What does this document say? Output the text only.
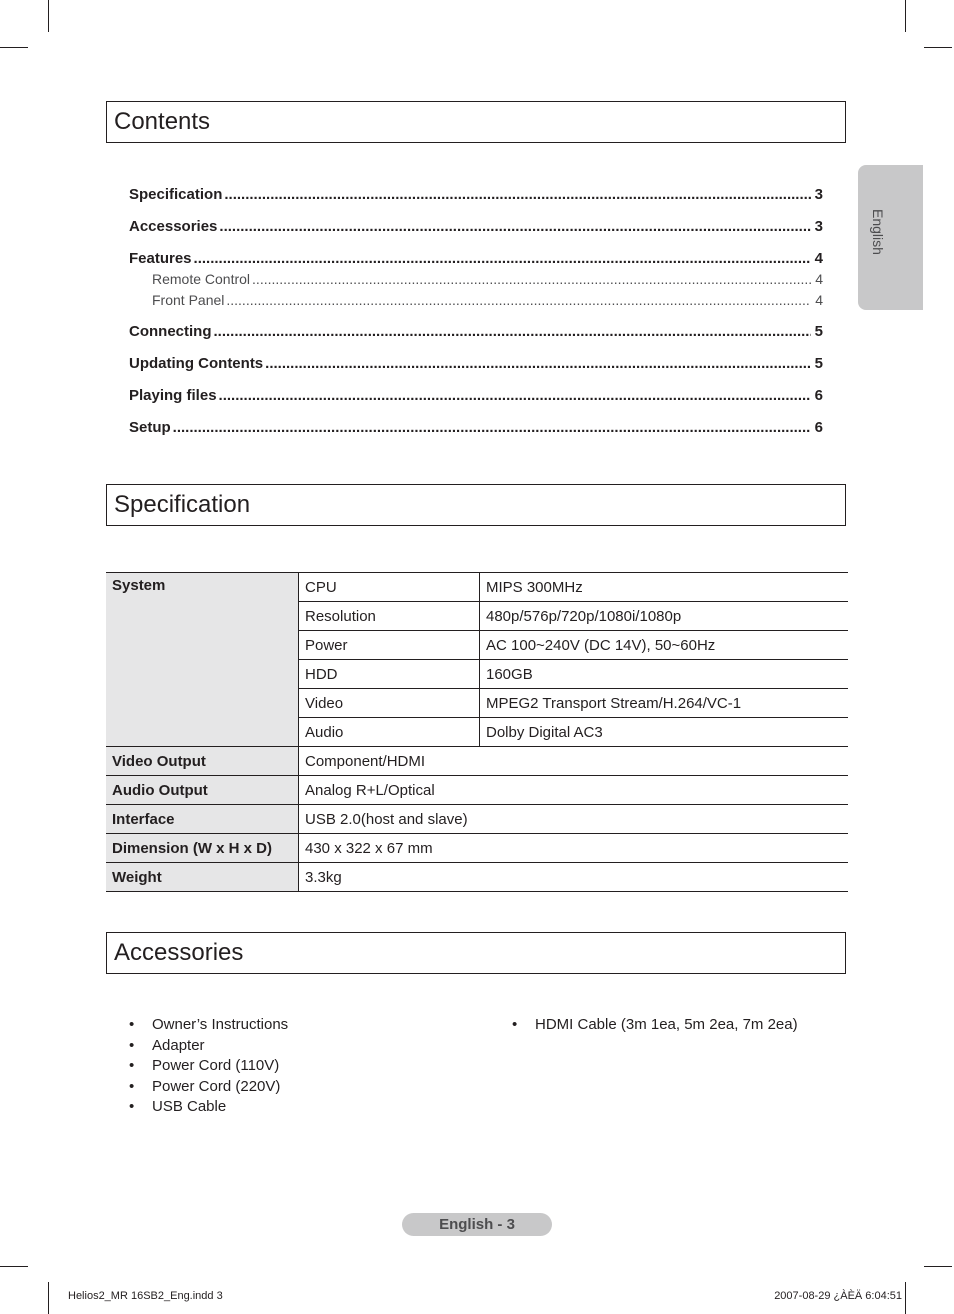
English
Contents
Specification .....	3
Accessories .....	3
Features .....	4
Remote Control .....	4
Front Panel .....	4
Connecting .....	5
Updating Contents .....	5
Playing files .....	6
Setup .....	6
Specification
System	CPU	MIPS 300MHz
	Resolution	480p/576p/720p/1080i/1080p
	Power	AC 100~240V (DC 14V), 50~60Hz
	HDD	160GB
	Video	MPEG2 Transport Stream/H.264/VC-1
	Audio	Dolby Digital AC3
Video Output	Component/HDMI	
Audio Output	Analog R+L/Optical	
Interface	USB 2.0(host and slave)	
Dimension (W x H x D)	430 x 322 x 67 mm	
Weight	3.3kg	
Accessories
• Owner’s Instructions
• Adapter
• Power Cord (110V)
• Power Cord (220V)
• USB Cable
• HDMI Cable (3m 1ea, 5m 2ea, 7m 2ea)
English - 3
Helios2_MR 16SB2_Eng.indd 3	2007-08-29 ¿ÀÈÄ 6:04:51
